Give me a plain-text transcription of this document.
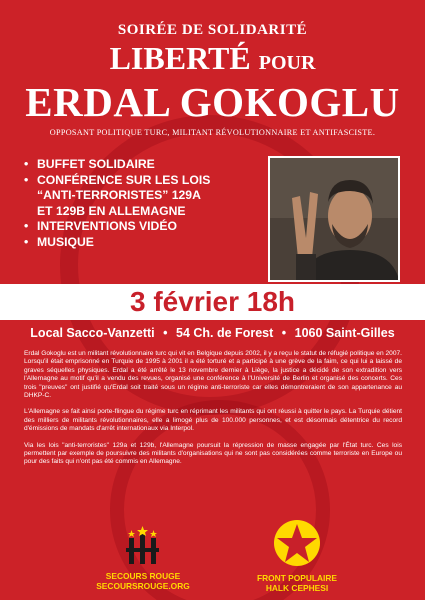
SOIRÉE DE SOLIDARITÉ
LIBERTÉ POUR
ERDAL GOKOGLU
OPPOSANT POLITIQUE TURC, MILITANT RÉVOLUTIONNAIRE ET ANTIFASCISTE.
• BUFFET SOLIDAIRE
• CONFÉRENCE SUR LES LOIS
“ANTI-TERRORISTES” 129A
ET 129B EN ALLEMAGNE
• INTERVENTIONS VIDÉO
• MUSIQUE
3 février 18h
Local Sacco-Vanzetti • 54 Ch. de Forest • 1060 Saint-Gilles

Erdal Gokoglu est un militant révolutionnaire turc qui vit en Belgique depuis 2002, il y a reçu le statut de réfugié politique en 2007. Lorsqu'il était emprisonné en Turquie de 1995 à 2001 il a été torturé et a participé à une grève de la faim, ce qui lui a laissé de graves séquelles physiques. Erdal a été arrêté le 13 novembre dernier à Liège, la justice a décidé de son extradition vers l'Allemagne au motif qu'il a vendu des revues, organisé une conférence à l'Université de Berlin et organisé des concerts. Ces trois "preuves" ont justifié qu'Erdal soit traité sous un régime anti-terroriste car elles démontreraient de son appartenance au DHKP-C.

L'Allemagne se fait ainsi porte-flingue du régime turc en réprimant les militants qui ont réussi à quitter le pays. La Turquie détient des milliers de militants révolutionnaires, elle a limogé plus de 100.000 personnes, et est désormais détentrice du record d'émissions de mandats d'arrêt internationaux via Interpol.

Via les lois "anti-terroristes" 129a et 129b, l'Allemagne poursuit la répression de masse engagée par l'État turc. Ces lois permettent par exemple de poursuivre des militants d'organisations qui ne sont pas considérées comme terroriste en Europe ou pour des faits qui n'ont pas été commis en Allemagne.

SECOURS ROUGE
SECOURSROUGE.ORG
FRONT POPULAIRE
HALK CEPHESI
